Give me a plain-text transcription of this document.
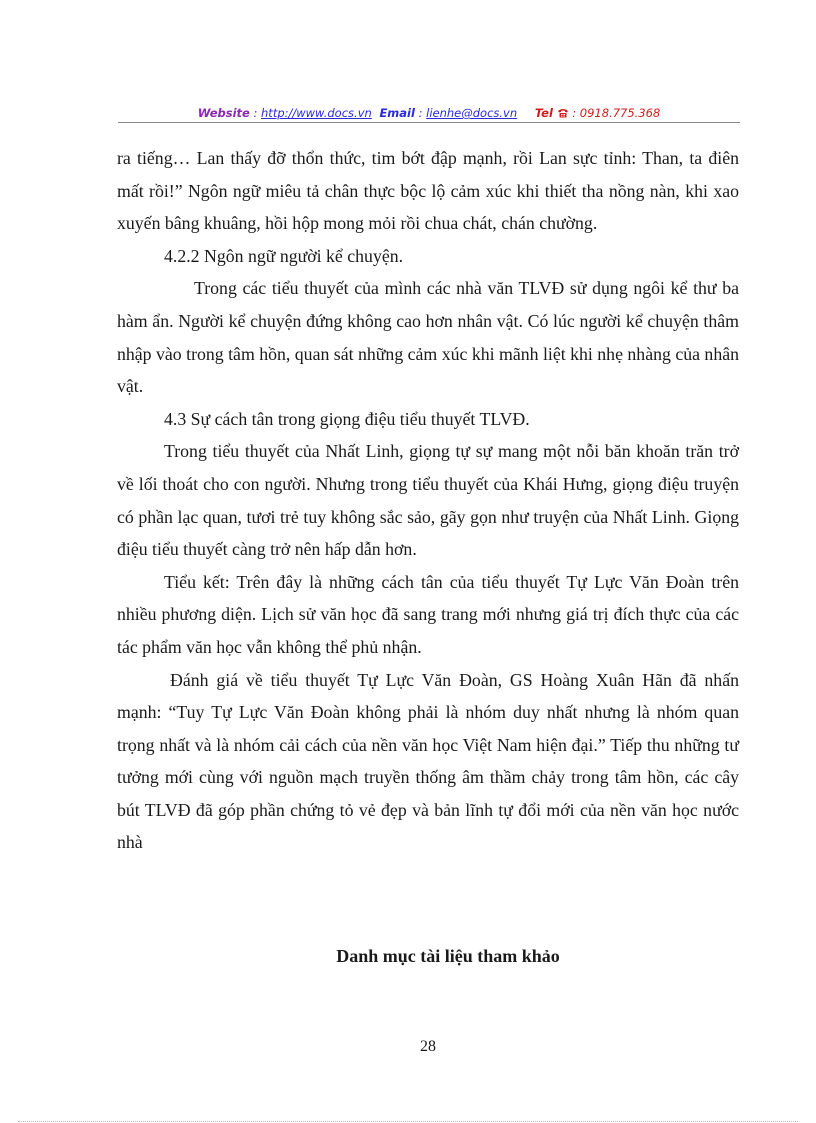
Website : http://www.docs.vn Email : lienhe@docs.vn Tel : 0918.775.368

ra tiếng… Lan thấy đỡ thổn thức, tim bớt đập mạnh, rồi Lan sực tỉnh: Than, ta điên mất rồi!” Ngôn ngữ miêu tả chân thực bộc lộ cảm xúc khi thiết tha nồng nàn, khi xao xuyến bâng khuâng, hồi hộp mong mỏi rồi chua chát, chán chường.

4.2.2 Ngôn ngữ người kể chuyện.

Trong các tiểu thuyết của mình các nhà văn TLVĐ sử dụng ngôi kể thư ba hàm ẩn. Người kể chuyện đứng không cao hơn nhân vật. Có lúc người kể chuyện thâm nhập vào trong tâm hồn, quan sát những cảm xúc khi mãnh liệt khi nhẹ nhàng của nhân vật.

4.3 Sự cách tân trong giọng điệu tiểu thuyết TLVĐ.

Trong tiểu thuyết của Nhất Linh, giọng tự sự mang một nỗi băn khoăn trăn trở về lối thoát cho con người. Nhưng trong tiểu thuyết của Khái Hưng, giọng điệu truyện có phần lạc quan, tươi trẻ tuy không sắc sảo, gãy gọn như truyện của Nhất Linh. Giọng điệu tiểu thuyết càng trở nên hấp dẫn hơn.

Tiểu kết: Trên đây là những cách tân của tiểu thuyết Tự Lực Văn Đoàn trên nhiều phương diện. Lịch sử văn học đã sang trang mới nhưng giá trị đích thực của các tác phẩm văn học vẫn không thể phủ nhận.

Đánh giá về tiểu thuyết Tự Lực Văn Đoàn, GS Hoàng Xuân Hãn đã nhấn mạnh: “Tuy Tự Lực Văn Đoàn không phải là nhóm duy nhất nhưng là nhóm quan trọng nhất và là nhóm cải cách của nền văn học Việt Nam hiện đại.” Tiếp thu những tư tưởng mới cùng với nguồn mạch truyền thống âm thầm chảy trong tâm hồn, các cây bút TLVĐ đã góp phần chứng tỏ vẻ đẹp và bản lĩnh tự đổi mới của nền văn học nước nhà

Danh mục tài liệu tham khảo
28
